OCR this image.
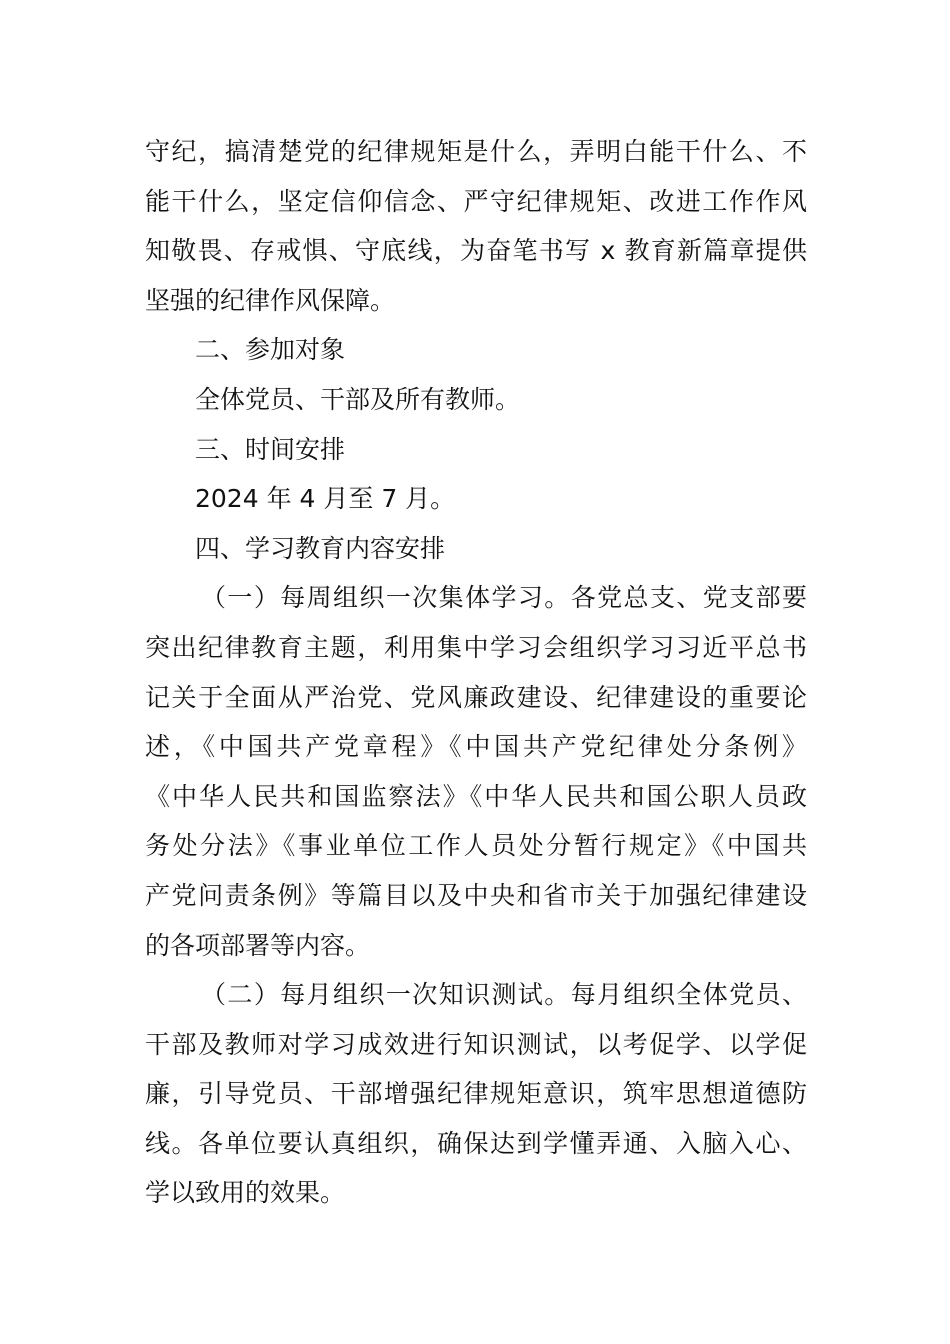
守纪，搞清楚党的纪律规矩是什么，弄明白能干什么、不
能干什么，坚定信仰信念、严守纪律规矩、改进工作作风
知敬畏、存戒惧、守底线，为奋笔书写 x 教育新篇章提供
坚强的纪律作风保障。
二、参加对象
全体党员、干部及所有教师。
三、时间安排
2024 年 4 月至 7 月。
四、学习教育内容安排
（一）每周组织一次集体学习。各党总支、党支部要
突出纪律教育主题，利用集中学习会组织学习习近平总书
记关于全面从严治党、党风廉政建设、纪律建设的重要论
述，《中国共产党章程》《中国共产党纪律处分条例》
《中华人民共和国监察法》《中华人民共和国公职人员政
务处分法》《事业单位工作人员处分暂行规定》《中国共
产党问责条例》等篇目以及中央和省市关于加强纪律建设
的各项部署等内容。
（二）每月组织一次知识测试。每月组织全体党员、
干部及教师对学习成效进行知识测试，以考促学、以学促
廉，引导党员、干部增强纪律规矩意识，筑牢思想道德防
线。各单位要认真组织，确保达到学懂弄通、入脑入心、
学以致用的效果。
